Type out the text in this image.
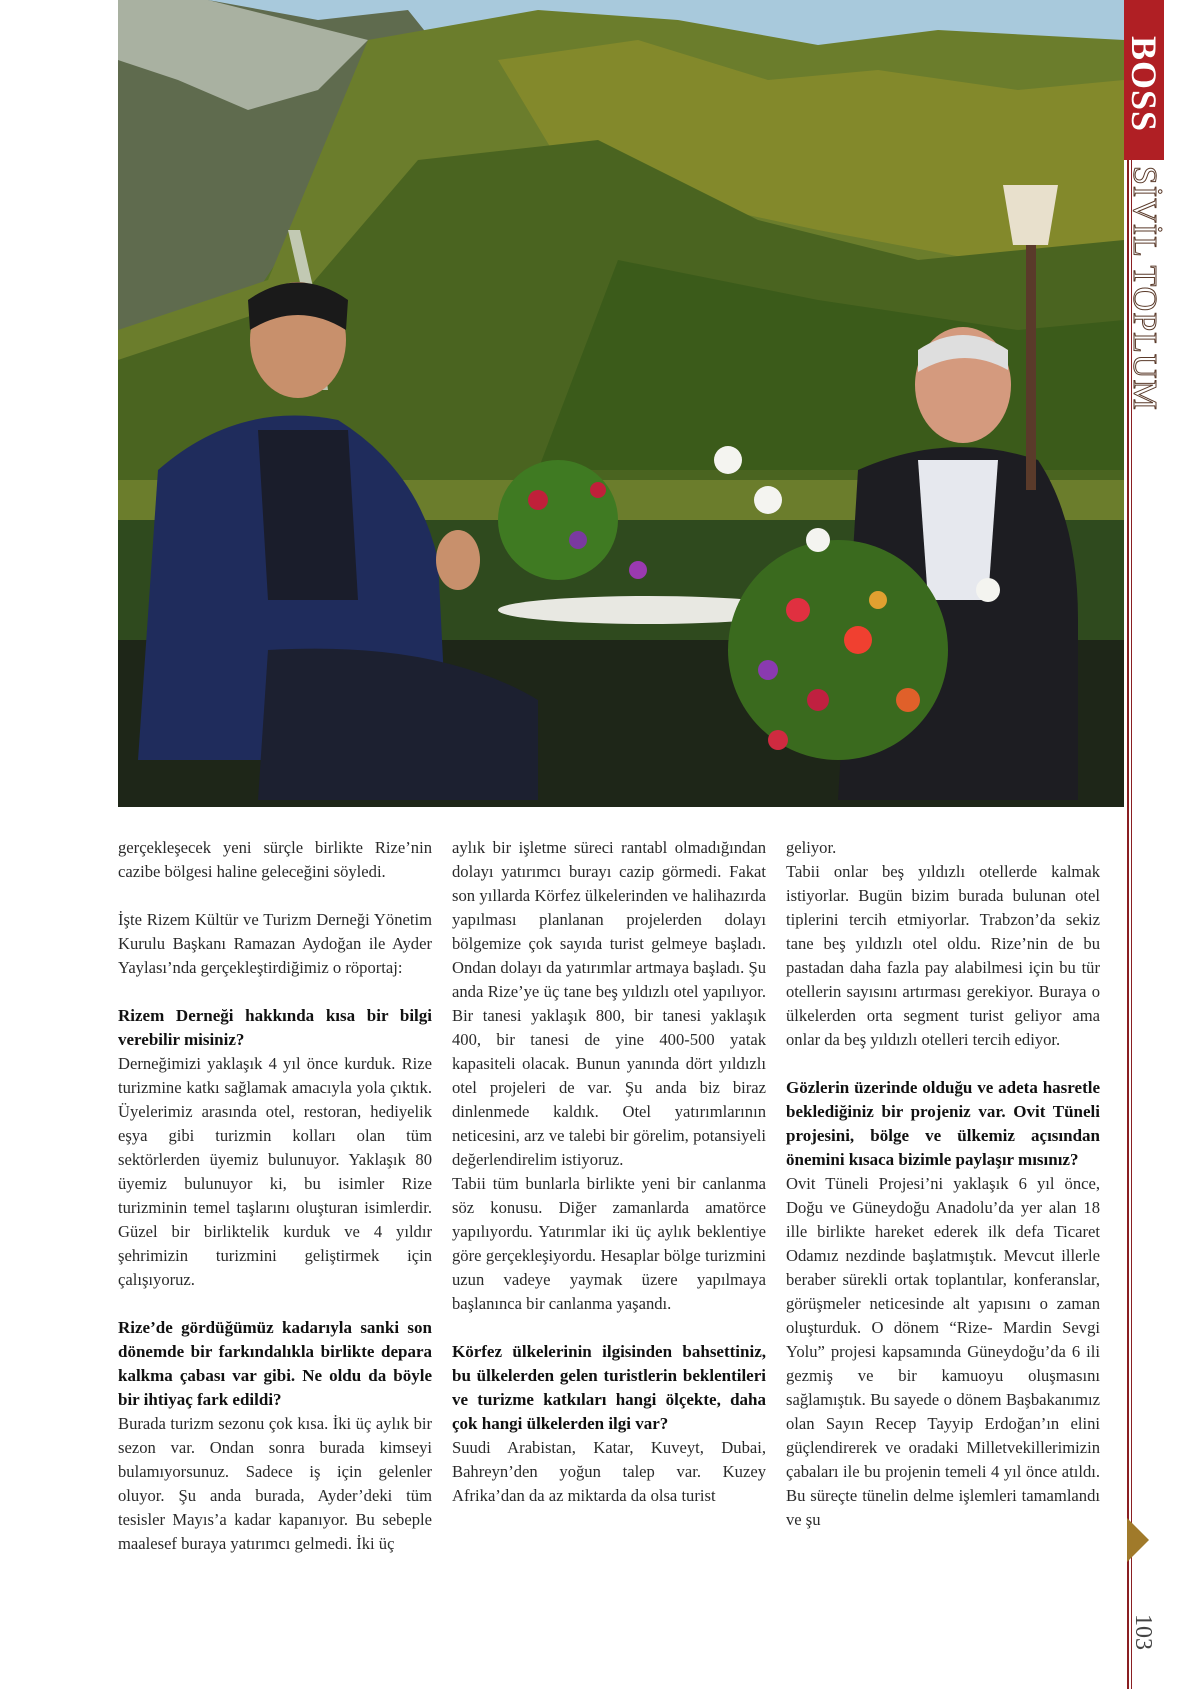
BOSS
SİVİL TOPLUM
103

gerçekleşecek yeni sürçle birlikte Rize’nin cazibe bölgesi haline geleceğini söyledi.

İşte Rizem Kültür ve Turizm Derneği Yönetim Kurulu Başkanı Ramazan Aydoğan ile Ayder Yaylası’nda gerçekleştirdiğimiz o röportaj:

Rizem Derneği hakkında kısa bir bilgi verebilir misiniz?

Derneğimizi yaklaşık 4 yıl önce kurduk. Rize turizmine katkı sağlamak amacıyla yola çıktık. Üyelerimiz arasında otel, restoran, hediyelik eşya gibi turizmin kolları olan tüm sektörlerden üyemiz bulunuyor. Yaklaşık 80 üyemiz bulunuyor ki, bu isimler Rize turizminin temel taşlarını oluşturan isimlerdir. Güzel bir birliktelik kurduk ve 4 yıldır şehrimizin turizmini geliştirmek için çalışıyoruz.

Rize’de gördüğümüz kadarıyla sanki son dönemde bir farkındalıkla birlikte depara kalkma çabası var gibi. Ne oldu da böyle bir ihtiyaç fark edildi?

Burada turizm sezonu çok kısa. İki üç aylık bir sezon var. Ondan sonra burada kimseyi bulamıyorsunuz. Sadece iş için gelenler oluyor. Şu anda burada, Ayder’deki tüm tesisler Mayıs’a kadar kapanıyor. Bu sebeple maalesef buraya yatırımcı gelmedi. İki üç

aylık bir işletme süreci rantabl olmadığından dolayı yatırımcı burayı cazip görmedi. Fakat son yıllarda Körfez ülkelerinden ve halihazırda yapılması planlanan projelerden dolayı bölgemize çok sayıda turist gelmeye başladı. Ondan dolayı da yatırımlar artmaya başladı. Şu anda Rize’ye üç tane beş yıldızlı otel yapılıyor. Bir tanesi yaklaşık 800, bir tanesi yaklaşık 400, bir tanesi de yine 400-500 yatak kapasiteli olacak. Bunun yanında dört yıldızlı otel projeleri de var. Şu anda biz biraz dinlenmede kaldık. Otel yatırımlarının neticesini, arz ve talebi bir görelim, potansiyeli değerlendirelim istiyoruz.

Tabii tüm bunlarla birlikte yeni bir canlanma söz konusu. Diğer zamanlarda amatörce yapılıyordu. Yatırımlar iki üç aylık beklentiye göre gerçekleşiyordu. Hesaplar bölge turizmini uzun vadeye yaymak üzere yapılmaya başlanınca bir canlanma yaşandı.

Körfez ülkelerinin ilgisinden bahsettiniz, bu ülkelerden gelen turistlerin beklentileri ve turizme katkıları hangi ölçekte, daha çok hangi ülkelerden ilgi var?

Suudi Arabistan, Katar, Kuveyt, Dubai, Bahreyn’den yoğun talep var. Kuzey Afrika’dan da az miktarda da olsa turist

geliyor.

Tabii onlar beş yıldızlı otellerde kalmak istiyorlar. Bugün bizim burada bulunan otel tiplerini tercih etmiyorlar. Trabzon’da sekiz tane beş yıldızlı otel oldu. Rize’nin de bu pastadan daha fazla pay alabilmesi için bu tür otellerin sayısını artırması gerekiyor. Buraya o ülkelerden orta segment turist geliyor ama onlar da beş yıldızlı otelleri tercih ediyor.

Gözlerin üzerinde olduğu ve adeta hasretle beklediğiniz bir projeniz var. Ovit Tüneli projesini, bölge ve ülkemiz açısından önemini kısaca bizimle paylaşır mısınız?

Ovit Tüneli Projesi’ni yaklaşık 6 yıl önce, Doğu ve Güneydoğu Anadolu’da yer alan 18 ille birlikte hareket ederek ilk defa Ticaret Odamız nezdinde başlatmıştık. Mevcut illerle beraber sürekli ortak toplantılar, konferanslar, görüşmeler neticesinde alt yapısını o zaman oluşturduk. O dönem “Rize- Mardin Sevgi Yolu” projesi kapsamında Güneydoğu’da 6 ili gezmiş ve bir kamuoyu oluşmasını sağlamıştık. Bu sayede o dönem Başbakanımız olan Sayın Recep Tayyip Erdoğan’ın elini güçlendirerek ve oradaki Milletvekillerimizin çabaları ile bu projenin temeli 4 yıl önce atıldı. Bu süreçte tünelin delme işlemleri tamamlandı ve şu
